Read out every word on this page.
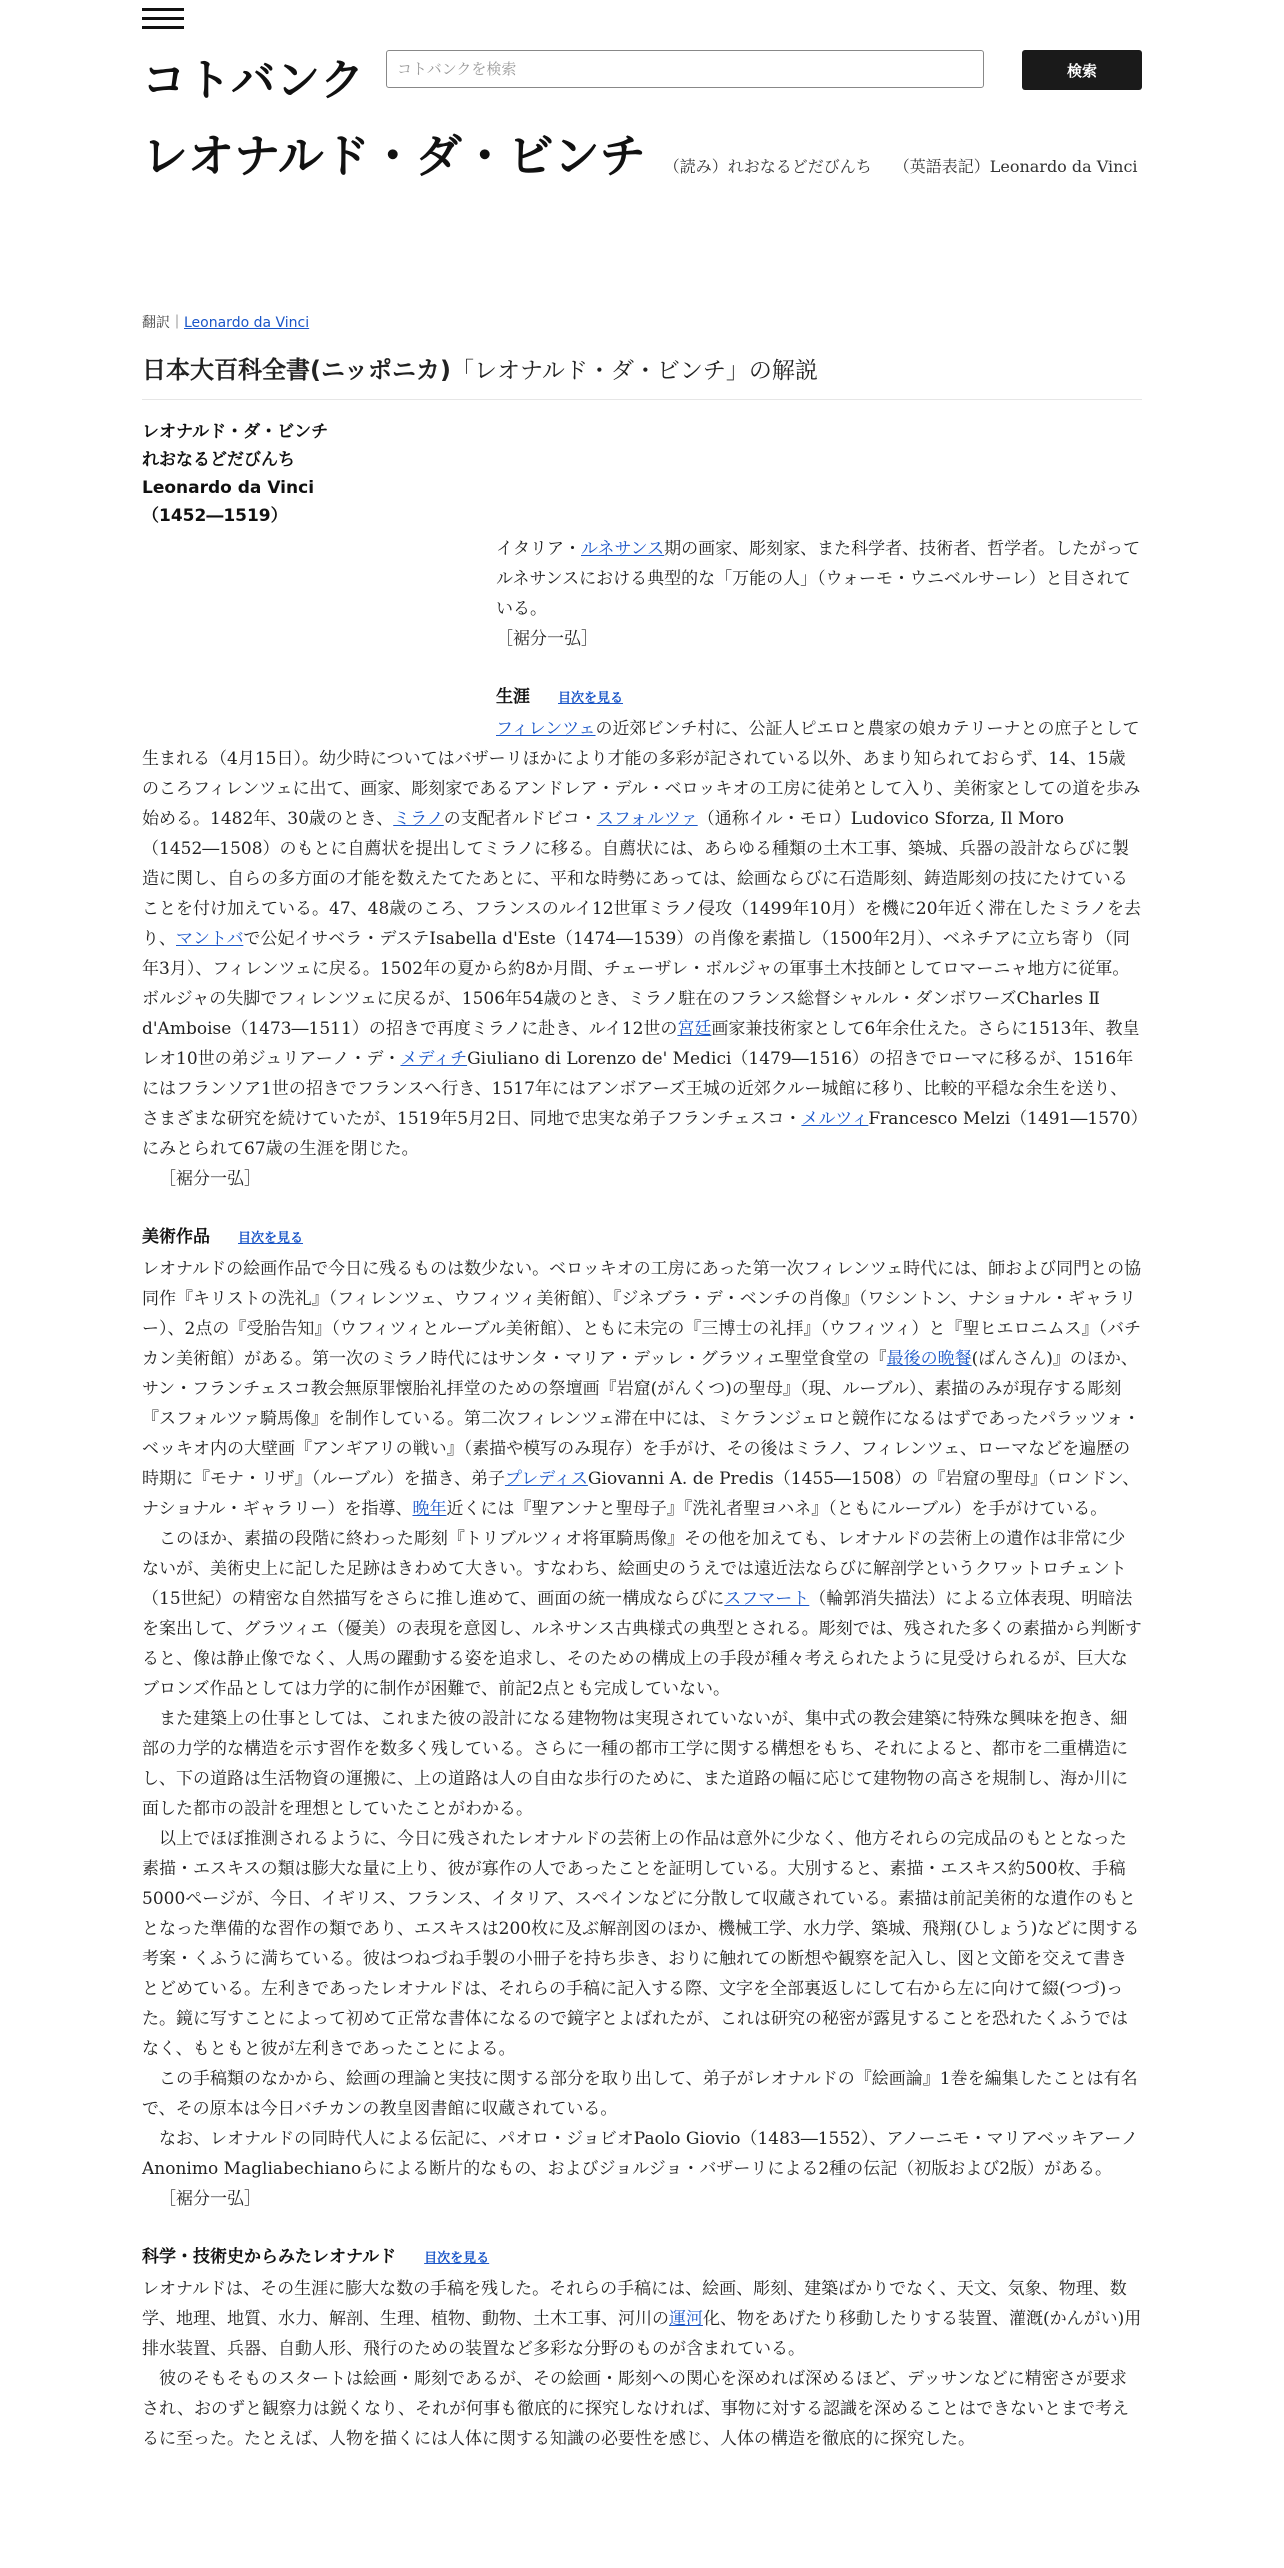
コトバンク
コトバンクを検索	検索
レオナルド・ダ・ビンチ （読み）れおなるどだびんち （英語表記）Leonardo da Vinci
翻訳｜Leonardo da Vinci
日本大百科全書(ニッポニカ)「レオナルド・ダ・ビンチ」の解説
レオナルド・ダ・ビンチ
れおなるどだびんち
Leonardo da Vinci
（1452―1519）

イタリア・ルネサンス期の画家、彫刻家、また科学者、技術者、哲学者。したがってルネサンスにおける典型的な「万能の人」（ウォーモ・ウニベルサーレ）と目されている。

［裾分一弘］

生涯 目次を見る

フィレンツェの近郊ビンチ村に、公証人ピエロと農家の娘カテリーナとの庶子として生まれる（4月15日）。幼少時についてはバザーリほかにより才能の多彩が記されている以外、あまり知られておらず、14、15歳のころフィレンツェに出て、画家、彫刻家であるアンドレア・デル・ベロッキオの工房に徒弟として入り、美術家としての道を歩み始める。1482年、30歳のとき、ミラノの支配者ルドビコ・スフォルツァ（通称イル・モロ）Ludovico Sforza, Il Moro（1452―1508）のもとに自薦状を提出してミラノに移る。自薦状には、あらゆる種類の土木工事、築城、兵器の設計ならびに製造に関し、自らの多方面の才能を数えたてたあとに、平和な時勢にあっては、絵画ならびに石造彫刻、鋳造彫刻の技にたけていることを付け加えている。47、48歳のころ、フランスのルイ12世軍ミラノ侵攻（1499年10月）を機に20年近く滞在したミラノを去り、マントバで公妃イサベラ・デステIsabella d'Este（1474―1539）の肖像を素描し（1500年2月）、ベネチアに立ち寄り（同年3月）、フィレンツェに戻る。1502年の夏から約8か月間、チェーザレ・ボルジャの軍事土木技師としてロマーニャ地方に従軍。ボルジャの失脚でフィレンツェに戻るが、1506年54歳のとき、ミラノ駐在のフランス総督シャルル・ダンボワーズCharles Ⅱ d'Amboise（1473―1511）の招きで再度ミラノに赴き、ルイ12世の宮廷画家兼技術家として6年余仕えた。さらに1513年、教皇レオ10世の弟ジュリアーノ・デ・メディチGiuliano di Lorenzo de' Medici（1479―1516）の招きでローマに移るが、1516年にはフランソア1世の招きでフランスへ行き、1517年にはアンボアーズ王城の近郊クルー城館に移り、比較的平穏な余生を送り、さまざまな研究を続けていたが、1519年5月2日、同地で忠実な弟子フランチェスコ・メルツィFrancesco Melzi（1491―1570）にみとられて67歳の生涯を閉じた。

［裾分一弘］

美術作品 目次を見る

レオナルドの絵画作品で今日に残るものは数少ない。ベロッキオの工房にあった第一次フィレンツェ時代には、師および同門との協同作『キリストの洗礼』（フィレンツェ、ウフィツィ美術館）、『ジネブラ・デ・ベンチの肖像』（ワシントン、ナショナル・ギャラリー）、2点の『受胎告知』（ウフィツィとルーブル美術館）、ともに未完の『三博士の礼拝』（ウフィツィ）と『聖ヒエロニムス』（バチカン美術館）がある。第一次のミラノ時代にはサンタ・マリア・デッレ・グラツィエ聖堂食堂の『最後の晩餐(ばんさん)』のほか、サン・フランチェスコ教会無原罪懐胎礼拝堂のための祭壇画『岩窟(がんくつ)の聖母』（現、ルーブル）、素描のみが現存する彫刻『スフォルツァ騎馬像』を制作している。第二次フィレンツェ滞在中には、ミケランジェロと競作になるはずであったパラッツォ・ベッキオ内の大壁画『アンギアリの戦い』（素描や模写のみ現存）を手がけ、その後はミラノ、フィレンツェ、ローマなどを遍歴の時期に『モナ・リザ』（ルーブル）を描き、弟子プレディスGiovanni A. de Predis（1455―1508）の『岩窟の聖母』（ロンドン、ナショナル・ギャラリー）を指導、晩年近くには『聖アンナと聖母子』『洗礼者聖ヨハネ』（ともにルーブル）を手がけている。

このほか、素描の段階に終わった彫刻『トリブルツィオ将軍騎馬像』その他を加えても、レオナルドの芸術上の遺作は非常に少ないが、美術史上に記した足跡はきわめて大きい。すなわち、絵画史のうえでは遠近法ならびに解剖学というクワットロチェント（15世紀）の精密な自然描写をさらに推し進めて、画面の統一構成ならびにスフマート（輪郭消失描法）による立体表現、明暗法を案出して、グラツィエ（優美）の表現を意図し、ルネサンス古典様式の典型とされる。彫刻では、残された多くの素描から判断すると、像は静止像でなく、人馬の躍動する姿を追求し、そのための構成上の手段が種々考えられたように見受けられるが、巨大なブロンズ作品としては力学的に制作が困難で、前記2点とも完成していない。

また建築上の仕事としては、これまた彼の設計になる建物物は実現されていないが、集中式の教会建築に特殊な興味を抱き、細部の力学的な構造を示す習作を数多く残している。さらに一種の都市工学に関する構想をもち、それによると、都市を二重構造にし、下の道路は生活物資の運搬に、上の道路は人の自由な歩行のために、また道路の幅に応じて建物物の高さを規制し、海か川に面した都市の設計を理想としていたことがわかる。

以上でほぼ推測されるように、今日に残されたレオナルドの芸術上の作品は意外に少なく、他方それらの完成品のもととなった素描・エスキスの類は膨大な量に上り、彼が寡作の人であったことを証明している。大別すると、素描・エスキス約500枚、手稿5000ページが、今日、イギリス、フランス、イタリア、スペインなどに分散して収蔵されている。素描は前記美術的な遺作のもととなった準備的な習作の類であり、エスキスは200枚に及ぶ解剖図のほか、機械工学、水力学、築城、飛翔(ひしょう)などに関する考案・くふうに満ちている。彼はつねづね手製の小冊子を持ち歩き、おりに触れての断想や観察を記入し、図と文節を交えて書きとどめている。左利きであったレオナルドは、それらの手稿に記入する際、文字を全部裏返しにして右から左に向けて綴(つづ)った。鏡に写すことによって初めて正常な書体になるので鏡字とよばれたが、これは研究の秘密が露見することを恐れたくふうではなく、もともと彼が左利きであったことによる。

この手稿類のなかから、絵画の理論と実技に関する部分を取り出して、弟子がレオナルドの『絵画論』1巻を編集したことは有名で、その原本は今日バチカンの教皇図書館に収蔵されている。

なお、レオナルドの同時代人による伝記に、パオロ・ジョビオPaolo Giovio（1483―1552）、アノーニモ・マリアベッキアーノAnonimo Magliabechianoらによる断片的なもの、およびジョルジョ・バザーリによる2種の伝記（初版および2版）がある。

［裾分一弘］

科学・技術史からみたレオナルド 目次を見る

レオナルドは、その生涯に膨大な数の手稿を残した。それらの手稿には、絵画、彫刻、建築ばかりでなく、天文、気象、物理、数学、地理、地質、水力、解剖、生理、植物、動物、土木工事、河川の運河化、物をあげたり移動したりする装置、灌漑(かんがい)用排水装置、兵器、自動人形、飛行のための装置など多彩な分野のものが含まれている。

彼のそもそものスタートは絵画・彫刻であるが、その絵画・彫刻への関心を深めれば深めるほど、デッサンなどに精密さが要求され、おのずと観察力は鋭くなり、それが何事も徹底的に探究しなければ、事物に対する認識を深めることはできないとまで考えるに至った。たとえば、人物を描くには人体に関する知識の必要性を感じ、人体の構造を徹底的に探究した。
